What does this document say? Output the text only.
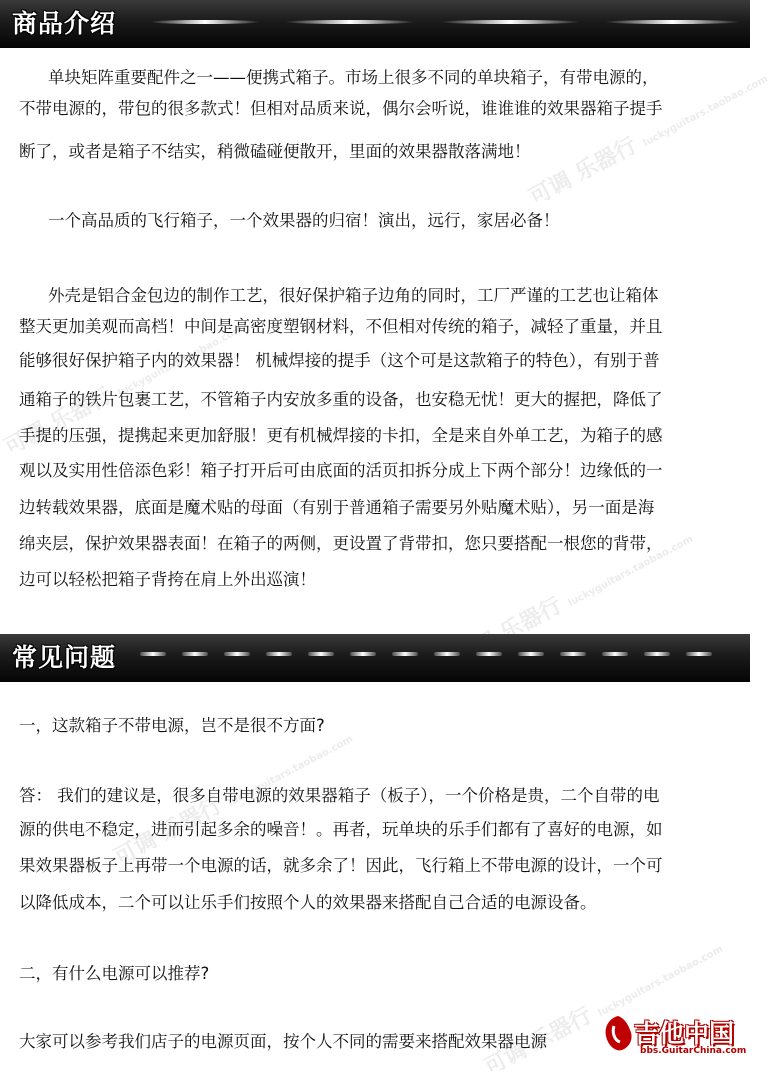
商品介绍
可调 乐器行 luckyguitars.taobao.com
可调 乐器行 luckyguitars.taobao.com
可调 乐器行 luckyguitars.taobao.com
可调 乐器行 luckyguitars.taobao.com
可调 乐器行 luckyguitars.taobao.com

单块矩阵重要配件之一——便携式箱子。市场上很多不同的单块箱子，有带电源的，

不带电源的，带包的很多款式！但相对品质来说，偶尔会听说，谁谁谁的效果器箱子提手

断了，或者是箱子不结实，稍微磕碰便散开，里面的效果器散落满地！

一个高品质的飞行箱子，一个效果器的归宿！演出，远行，家居必备！

外壳是铝合金包边的制作工艺，很好保护箱子边角的同时，工厂严谨的工艺也让箱体

整天更加美观而高档！中间是高密度塑钢材料，不但相对传统的箱子，减轻了重量，并且

能够很好保护箱子内的效果器！ 机械焊接的提手（这个可是这款箱子的特色），有别于普

通箱子的铁片包裹工艺，不管箱子内安放多重的设备，也安稳无忧！更大的握把，降低了

手提的压强，提携起来更加舒服！更有机械焊接的卡扣，全是来自外单工艺，为箱子的感

观以及实用性倍添色彩！箱子打开后可由底面的活页扣拆分成上下两个部分！边缘低的一

边转载效果器，底面是魔术贴的母面（有别于普通箱子需要另外贴魔术贴），另一面是海

绵夹层，保护效果器表面！在箱子的两侧，更设置了背带扣，您只要搭配一根您的背带，

边可以轻松把箱子背挎在肩上外出巡演！

常见问题

一，这款箱子不带电源，岂不是很不方面?

答： 我们的建议是，很多自带电源的效果器箱子（板子），一个价格是贵，二个自带的电

源的供电不稳定，进而引起多余的噪音！。再者，玩单块的乐手们都有了喜好的电源，如

果效果器板子上再带一个电源的话，就多余了！因此，飞行箱上不带电源的设计，一个可

以降低成本，二个可以让乐手们按照个人的效果器来搭配自己合适的电源设备。

二，有什么电源可以推荐?

大家可以参考我们店子的电源页面，按个人不同的需要来搭配效果器电源	吉他中国
bbs.GuitarChina.com
